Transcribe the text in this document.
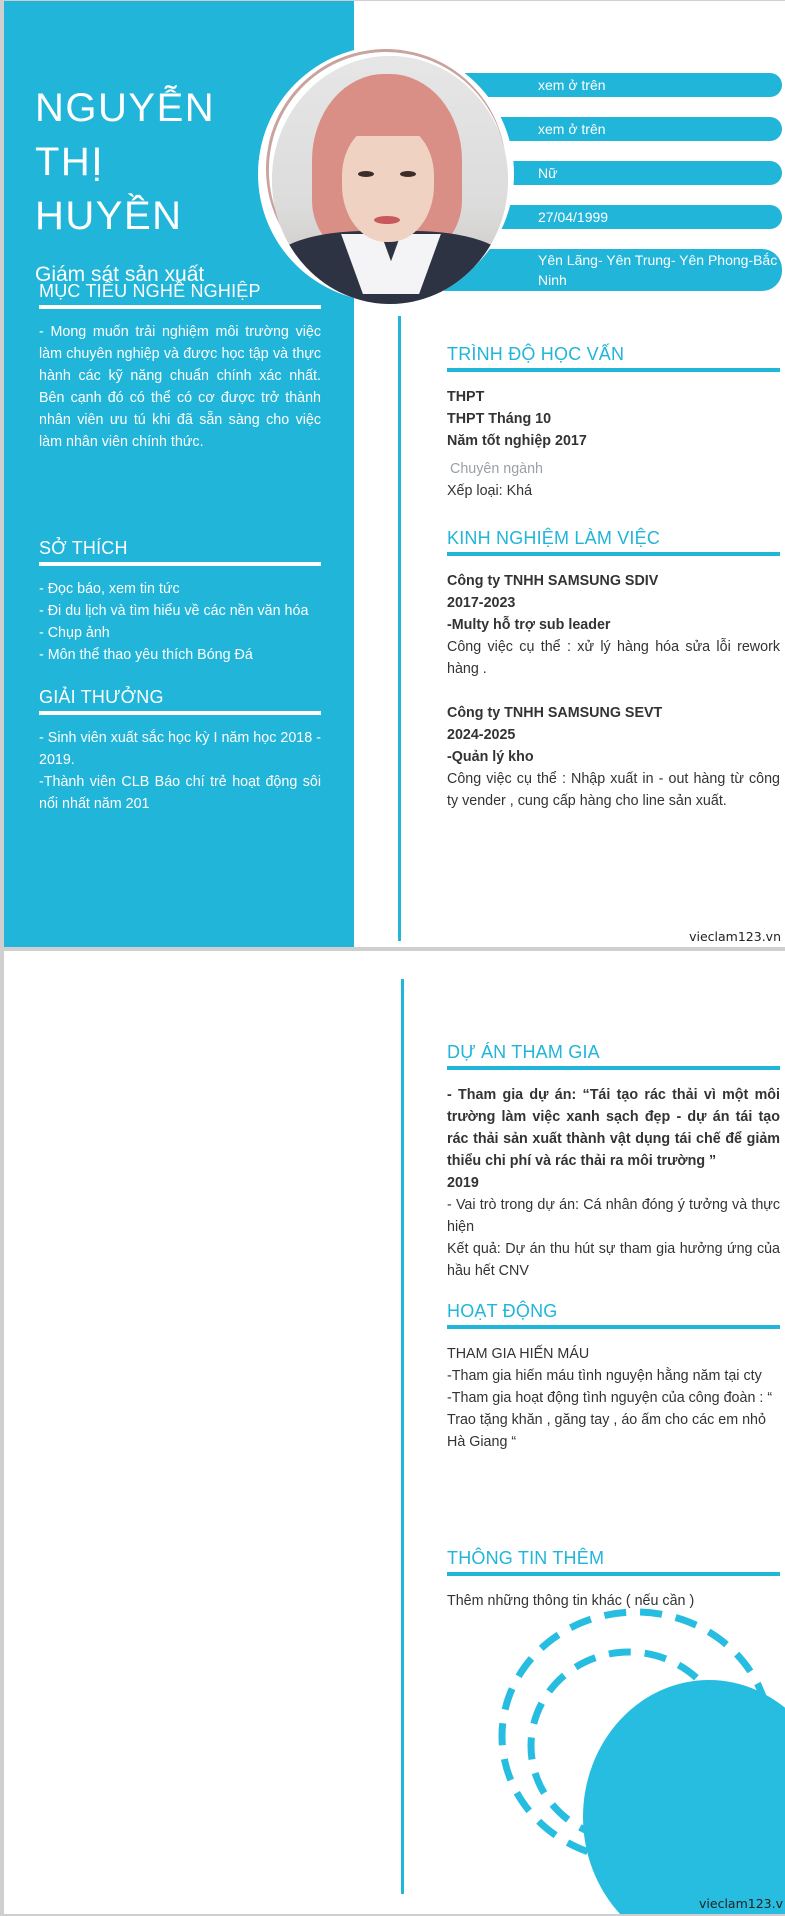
NGUYỄN
THỊ
HUYỀN
Giám sát sản xuất
MỤC TIÊU NGHỀ NGHIỆP
- Mong muốn trải nghiệm môi trường việc làm chuyên nghiệp và được học tập và thực hành các kỹ năng chuẩn chính xác nhất. Bên cạnh đó có thể có cơ được trở thành nhân viên ưu tú khi đã sẵn sàng cho việc làm nhân viên chính thức.
SỞ THÍCH

- Đọc báo, xem tin tức

- Đi du lịch và tìm hiểu về các nền văn hóa

- Chụp ảnh

- Môn thể thao yêu thích Bóng Đá

GIẢI THƯỞNG

- Sinh viên xuất sắc học kỳ I năm học 2018 - 2019.

-Thành viên CLB Báo chí trẻ hoạt động sôi nổi nhất năm 201

xem ở trên
xem ở trên
Nữ
27/04/1999
Yên Lãng- Yên Trung- Yên Phong-Bắc Ninh
TRÌNH ĐỘ HỌC VẤN
THPT
THPT Tháng 10
Năm tốt nghiệp 2017
Chuyên ngành
Xếp loại: Khá
KINH NGHIỆM LÀM VIỆC
Công ty TNHH SAMSUNG SDIV
2017-2023
-Multy hỗ trợ sub leader
Công việc cụ thể : xử lý hàng hóa sửa lỗi rework hàng .
Công ty TNHH SAMSUNG SEVT
2024-2025
-Quản lý kho
Công việc cụ thể : Nhập xuất in - out hàng từ công ty vender , cung cấp hàng cho line sản xuất.
vieclam123.vn
DỰ ÁN THAM GIA
- Tham gia dự án: “Tái tạo rác thải vì một môi trường làm việc xanh sạch đẹp - dự án tái tạo rác thải sản xuất thành vật dụng tái chế để giảm thiểu chi phí và rác thải ra môi trường ”
2019
- Vai trò trong dự án: Cá nhân đóng ý tưởng và thực hiện
Kết quả: Dự án thu hút sự tham gia hưởng ứng của hầu hết CNV
HOẠT ĐỘNG
THAM GIA HIẾN MÁU
-Tham gia hiến máu tình nguyện hằng năm tại cty
-Tham gia hoạt động tình nguyện của công đoàn : “ Trao tặng khăn , găng tay , áo ấm cho các em nhỏ Hà Giang “
THÔNG TIN THÊM
Thêm những thông tin khác ( nếu cần )
vieclam123.v
